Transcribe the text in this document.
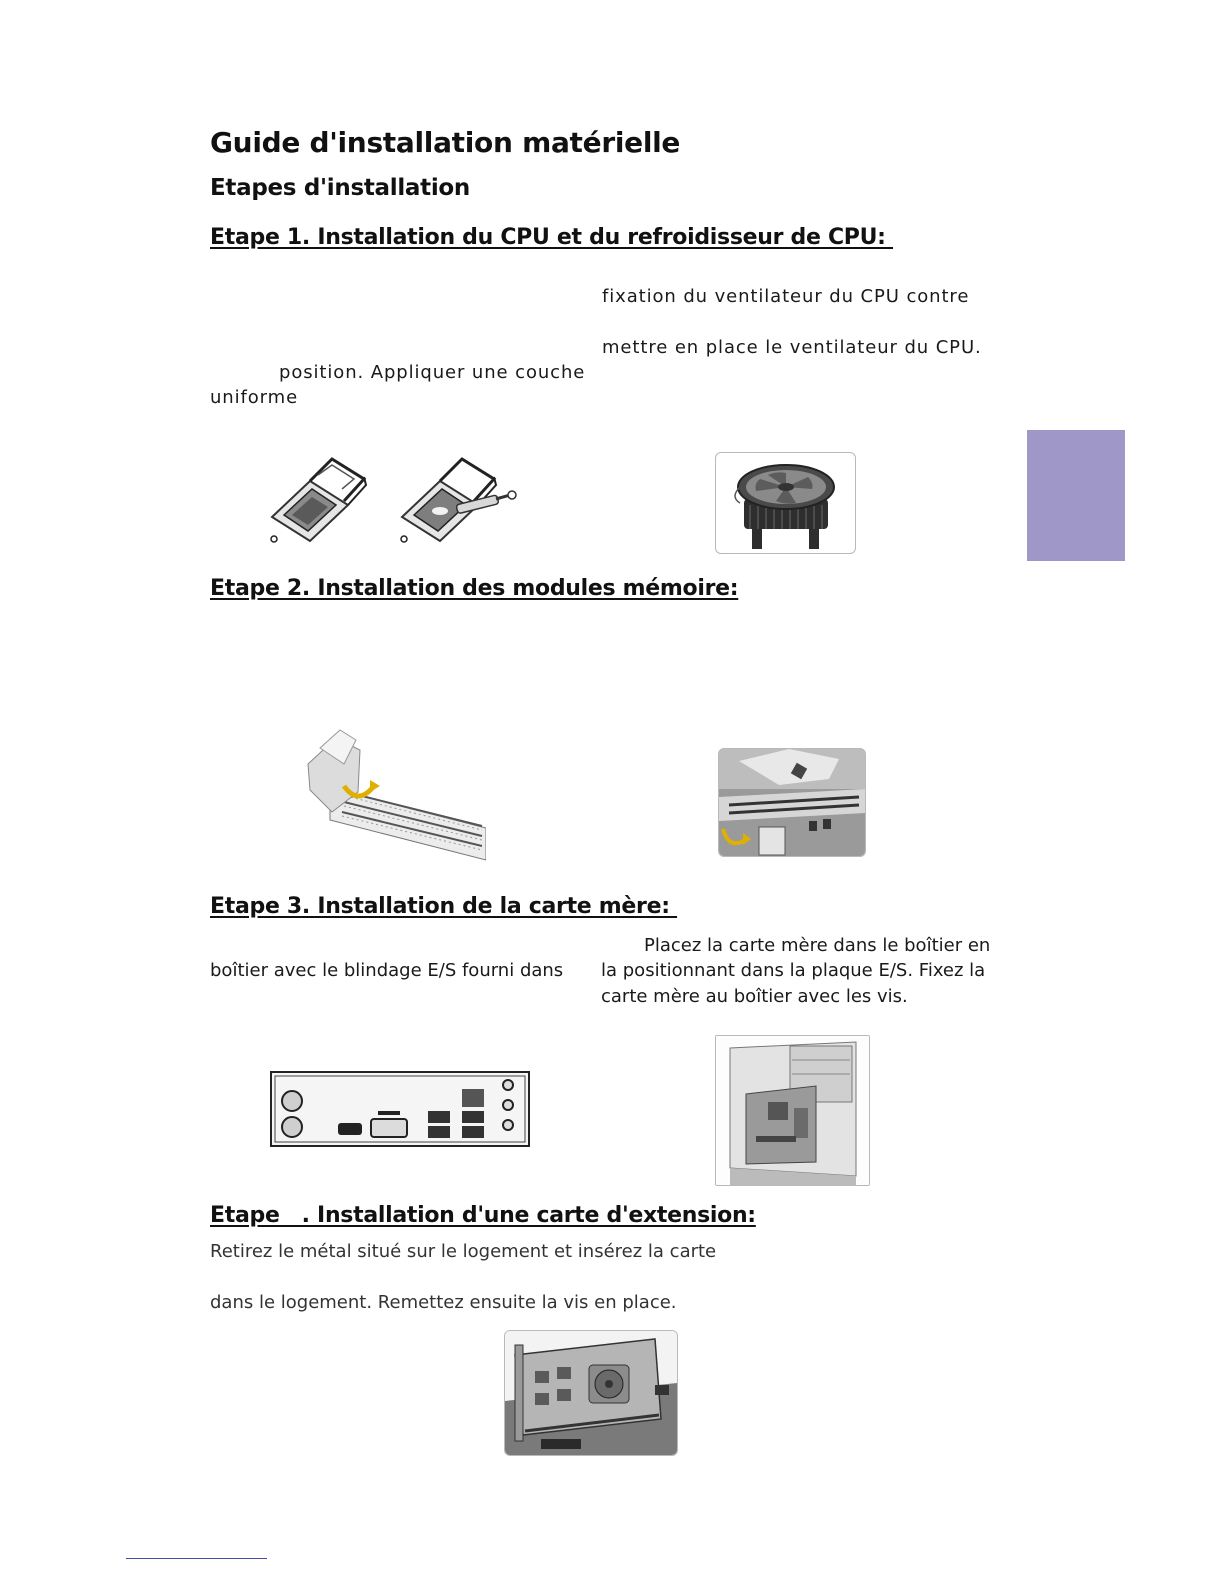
Guide d'installation matérielle
Etapes d'installation
Etape 1. Installation du CPU et du refroidisseur de CPU:
fixation du ventilateur du CPU contre
mettre en place le ventilateur du CPU.
position. Appliquer une couche
uniforme
Etape 2. Installation des modules mémoire:
Etape 3. Installation de la carte mère:
Placez la carte mère dans le boîtier en
boîtier avec le blindage E/S fourni dans la positionnant dans la plaque E/S. Fixez la
carte mère au boîtier avec les vis.
Etape   . Installation d'une carte d'extension:
Retirez le métal situé sur le logement et insérez la carte
dans le logement. Remettez ensuite la vis en place.
